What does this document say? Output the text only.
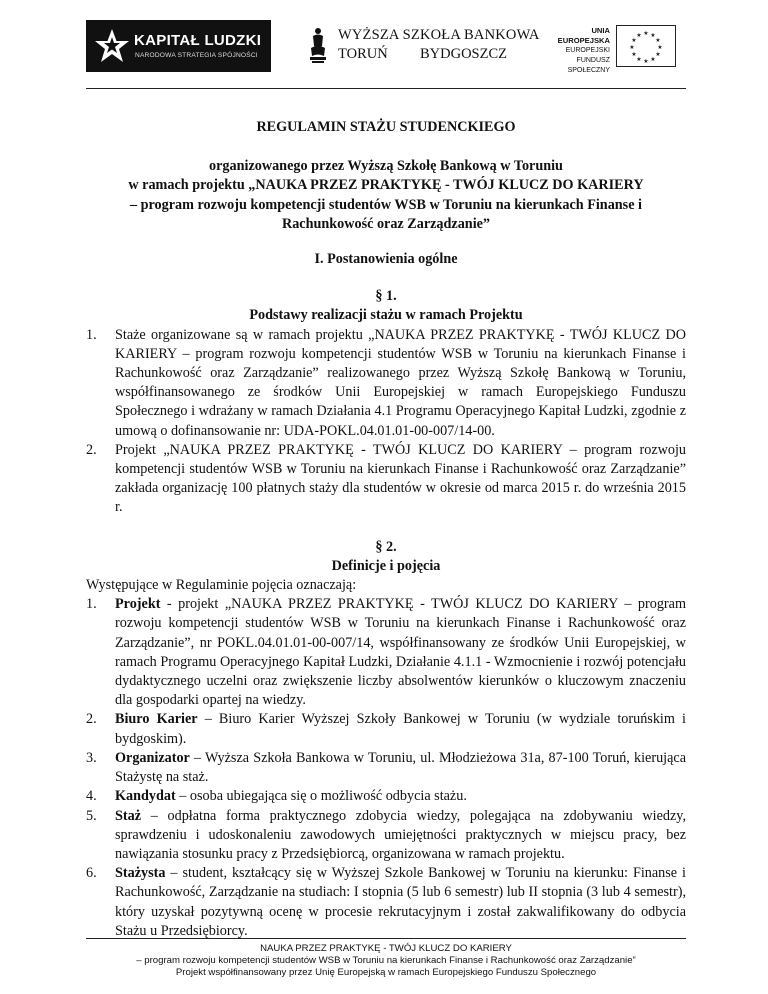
KAPITAŁ LUDZKI
NARODOWA STRATEGIA SPÓJNOŚCI
WYŻSZA SZKOŁA BANKOWA
TORUŃ BYDGOSZCZ
UNIA EUROPEJSKA
EUROPEJSKI
FUNDUSZ SPOŁECZNY
★ ★
★
★
★
★
★
★
★
★
★
★

REGULAMIN STAŻU STUDENCKIEGO

organizowanego przez Wyższą Szkołę Bankową w Toruniu
w ramach projektu „NAUKA PRZEZ PRAKTYKĘ - TWÓJ KLUCZ DO KARIERY
– program rozwoju kompetencji studentów WSB w Toruniu na kierunkach Finanse i
Rachunkowość oraz Zarządzanie”

I. Postanowienia ogólne

§ 1.

Podstawy realizacji stażu w ramach Projektu

1. Staże organizowane są w ramach projektu „NAUKA PRZEZ PRAKTYKĘ - TWÓJ KLUCZ DO KARIERY – program rozwoju kompetencji studentów WSB w Toruniu na kierunkach Finanse i Rachunkowość oraz Zarządzanie” realizowanego przez Wyższą Szkołę Bankową w Toruniu, współfinansowanego ze środków Unii Europejskiej w ramach Europejskiego Funduszu Społecznego i wdrażany w ramach Działania 4.1 Programu Operacyjnego Kapitał Ludzki, zgodnie z umową o dofinansowanie nr: UDA-POKL.04.01.01-00-007/14-00.
2. Projekt „NAUKA PRZEZ PRAKTYKĘ - TWÓJ KLUCZ DO KARIERY – program rozwoju kompetencji studentów WSB w Toruniu na kierunkach Finanse i Rachunkowość oraz Zarządzanie” zakłada organizację 100 płatnych staży dla studentów w okresie od marca 2015 r. do września 2015 r.

§ 2.

Definicje i pojęcia

Występujące w Regulaminie pojęcia oznaczają:

1. Projekt - projekt „NAUKA PRZEZ PRAKTYKĘ - TWÓJ KLUCZ DO KARIERY – program rozwoju kompetencji studentów WSB w Toruniu na kierunkach Finanse i Rachunkowość oraz Zarządzanie”, nr POKL.04.01.01-00-007/14, współfinansowany ze środków Unii Europejskiej, w ramach Programu Operacyjnego Kapitał Ludzki, Działanie 4.1.1 - Wzmocnienie i rozwój potencjału dydaktycznego uczelni oraz zwiększenie liczby absolwentów kierunków o kluczowym znaczeniu dla gospodarki opartej na wiedzy.
2. Biuro Karier – Biuro Karier Wyższej Szkoły Bankowej w Toruniu (w wydziale toruńskim i bydgoskim).
3. Organizator – Wyższa Szkoła Bankowa w Toruniu, ul. Młodzieżowa 31a, 87-100 Toruń, kierująca Stażystę na staż.
4. Kandydat – osoba ubiegająca się o możliwość odbycia stażu.
5. Staż – odpłatna forma praktycznego zdobycia wiedzy, polegająca na zdobywaniu wiedzy, sprawdzeniu i udoskonaleniu zawodowych umiejętności praktycznych w miejscu pracy, bez nawiązania stosunku pracy z Przedsiębiorcą, organizowana w ramach projektu.
6. Stażysta – student, kształcący się w Wyższej Szkole Bankowej w Toruniu na kierunku: Finanse i Rachunkowość, Zarządzanie na studiach: I stopnia (5 lub 6 semestr) lub II stopnia (3 lub 4 semestr), który uzyskał pozytywną ocenę w procesie rekrutacyjnym i został zakwalifikowany do odbycia Stażu u Przedsiębiorcy.
NAUKA PRZEZ PRAKTYKĘ - TWÓJ KLUCZ DO KARIERY
– program rozwoju kompetencji studentów WSB w Toruniu na kierunkach Finanse i Rachunkowość oraz Zarządzanie”
Projekt współfinansowany przez Unię Europejską w ramach Europejskiego Funduszu Społecznego
